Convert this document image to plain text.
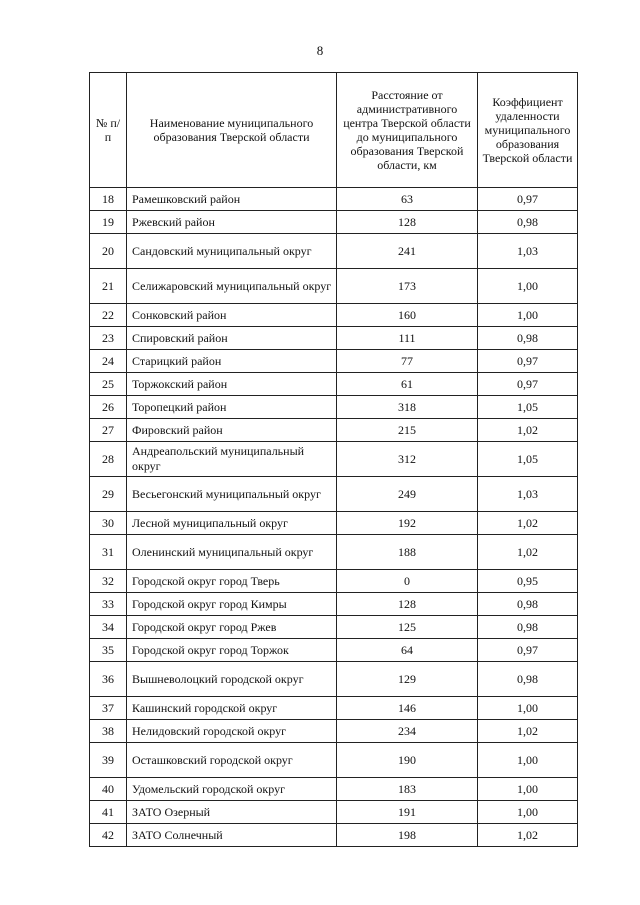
8
№ п/п	Наименование муниципального образования Тверской области	Расстояние от административного центра Тверской области до муниципального образования Тверской области, км	Коэффициент удаленности муниципального образования Тверской области
18	Рамешковский район	63	0,97
19	Ржевский район	128	0,98
20	Сандовский муниципальный округ	241	1,03
21	Селижаровский муниципальный округ	173	1,00
22	Сонковский район	160	1,00
23	Спировский район	111	0,98
24	Старицкий район	77	0,97
25	Торжокский район	61	0,97
26	Торопецкий район	318	1,05
27	Фировский район	215	1,02
28	Андреапольский муниципальный округ	312	1,05
29	Весьегонский муниципальный округ	249	1,03
30	Лесной муниципальный округ	192	1,02
31	Оленинский муниципальный округ	188	1,02
32	Городской округ город Тверь	0	0,95
33	Городской округ город Кимры	128	0,98
34	Городской округ город Ржев	125	0,98
35	Городской округ город Торжок	64	0,97
36	Вышневолоцкий городской округ	129	0,98
37	Кашинский городской округ	146	1,00
38	Нелидовский городской округ	234	1,02
39	Осташковский городской округ	190	1,00
40	Удомельский городской округ	183	1,00
41	ЗАТО Озерный	191	1,00
42	ЗАТО Солнечный	198	1,02
